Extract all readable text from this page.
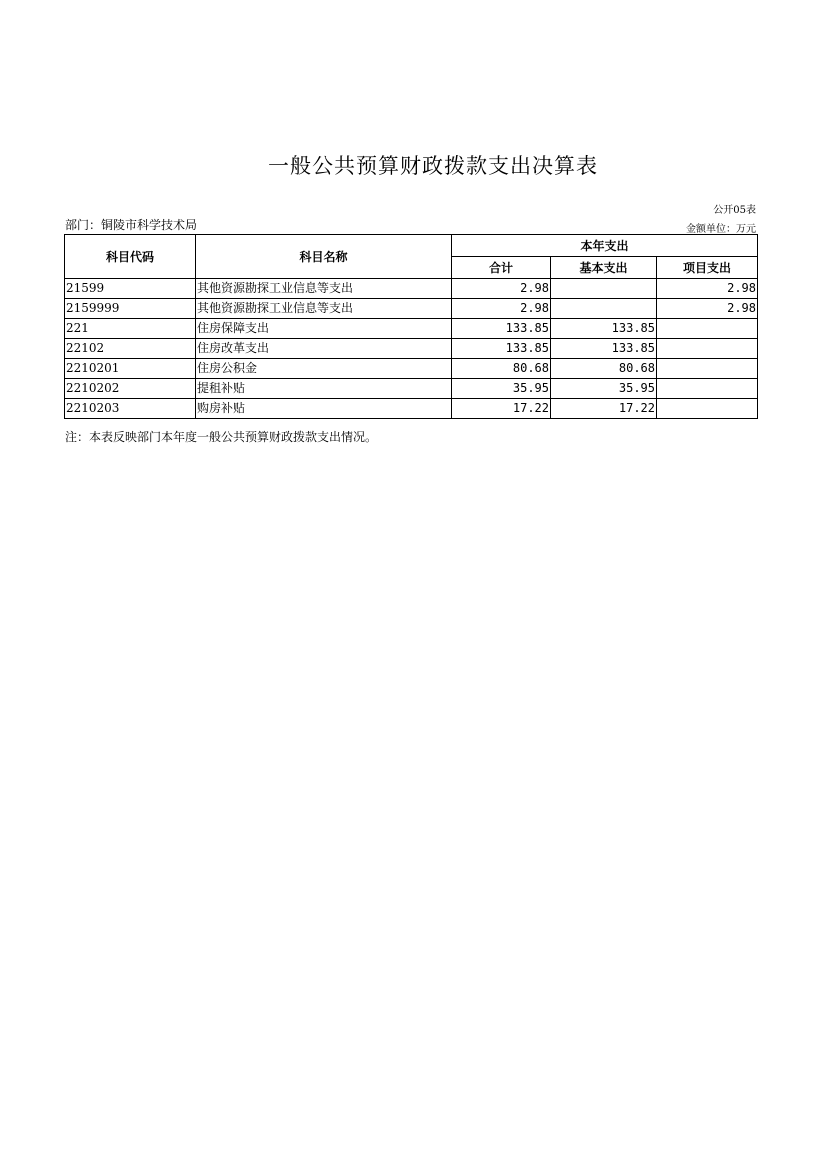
一般公共预算财政拨款支出决算表
公开05表
部门：铜陵市科学技术局	金额单位：万元
科目代码	科目名称	本年支出		
		合计	基本支出	项目支出
21599	其他资源勘探工业信息等支出	2.98		2.98
2159999	其他资源勘探工业信息等支出	2.98		2.98
221	住房保障支出	133.85	133.85	
22102	住房改革支出	133.85	133.85	
2210201	住房公积金	80.68	80.68	
2210202	提租补贴	35.95	35.95	
2210203	购房补贴	17.22	17.22	
注：本表反映部门本年度一般公共预算财政拨款支出情况。
